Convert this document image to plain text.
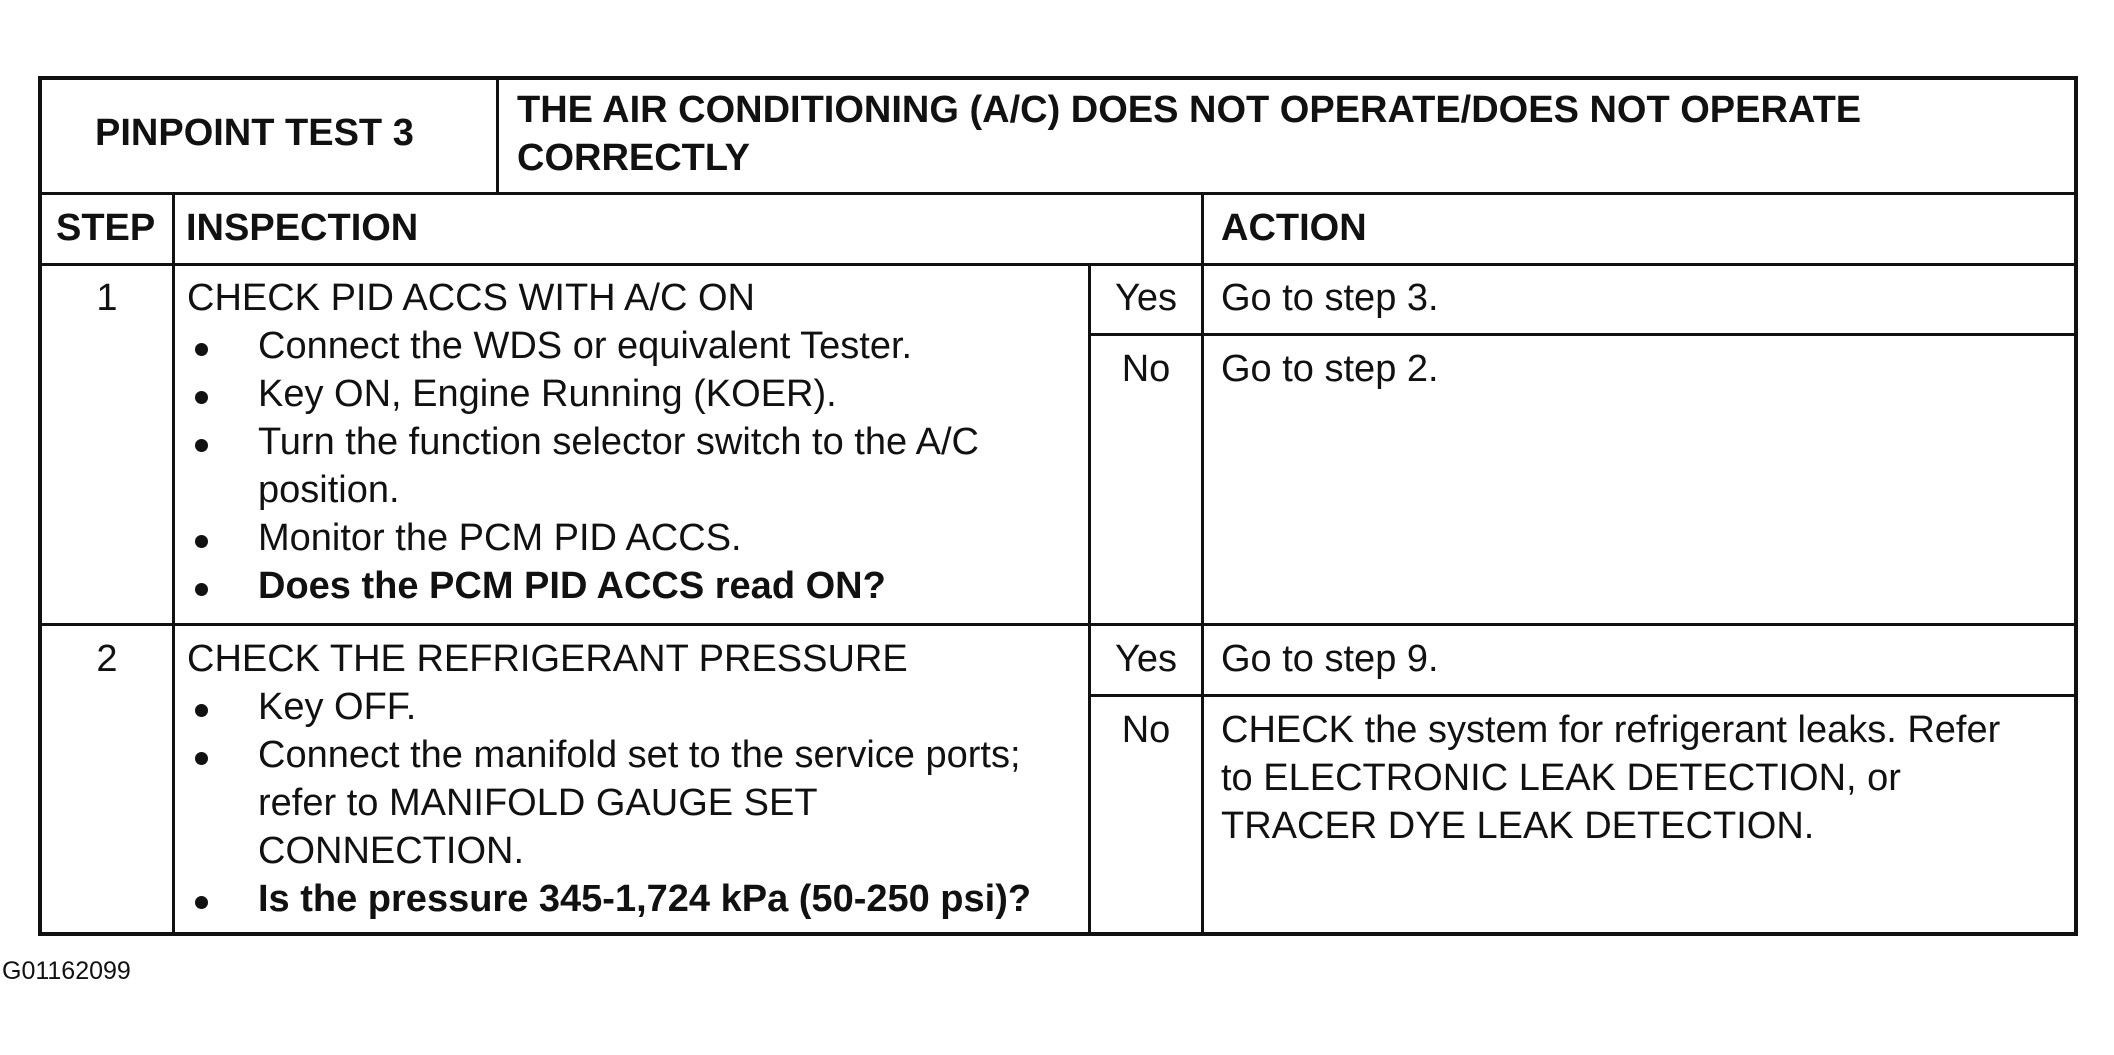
PINPOINT TEST 3
THE AIR CONDITIONING (A/C) DOES NOT OPERATE/DOES NOT OPERATE
CORRECTLY
STEP INSPECTION	ACTION
1	CHECK PID ACCS WITH A/C ON
Connect the WDS or equivalent Tester.
Key ON, Engine Running (KOER).
Turn the function selector switch to the A/C
position.
Monitor the PCM PID ACCS.
Does the PCM PID ACCS read ON?
Yes	Go to step 3.
No	Go to step 2.
2	CHECK THE REFRIGERANT PRESSURE
Key OFF.
Connect the manifold set to the service ports;
refer to MANIFOLD GAUGE SET
CONNECTION.
Is the pressure 345-1,724 kPa (50-250 psi)?
Yes	Go to step 9.
No	CHECK the system for refrigerant leaks. Refer
to ELECTRONIC LEAK DETECTION, or
TRACER DYE LEAK DETECTION.
G01162099
